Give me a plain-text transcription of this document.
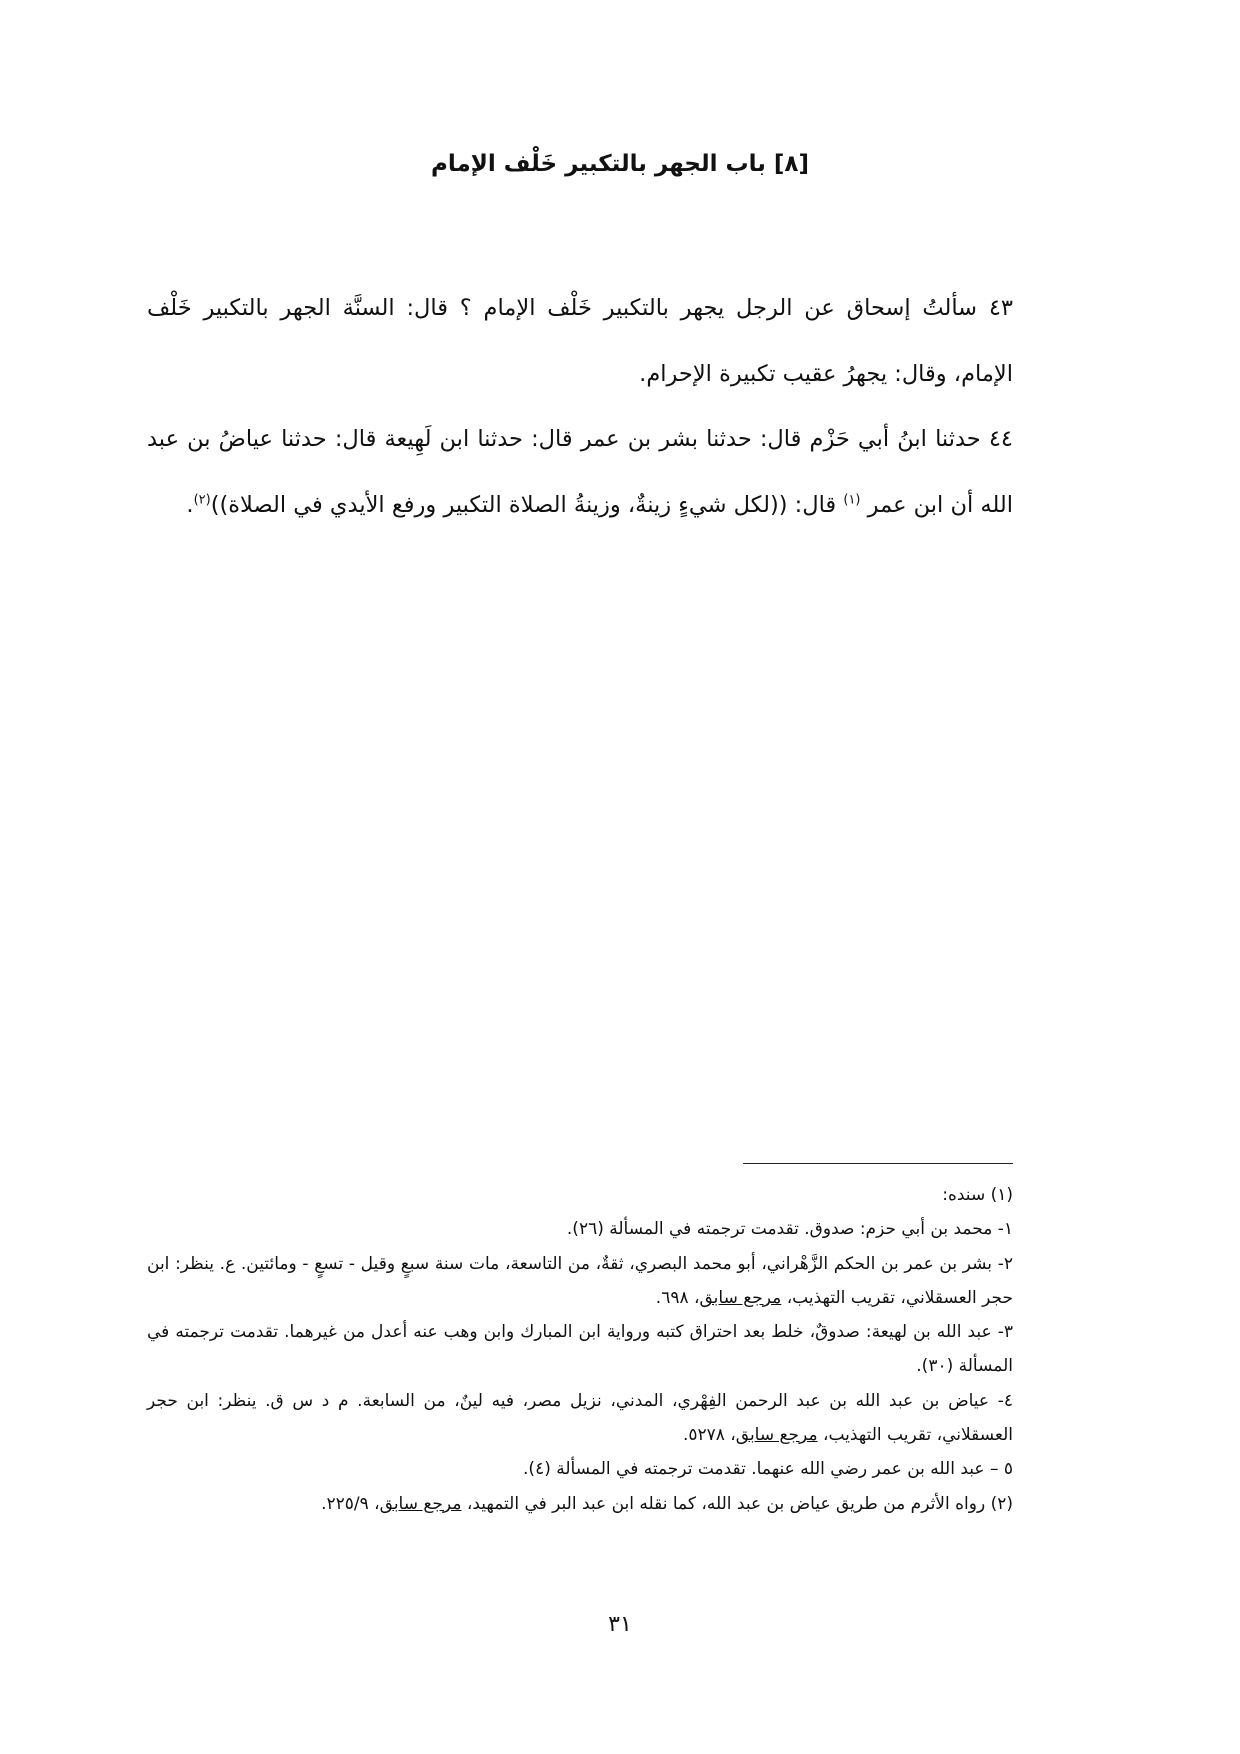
[٨] باب الجهر بالتكبير خَلْف الإمام

٤٣ سألتُ إسحاق عن الرجل يجهر بالتكبير خَلْف الإمام ؟ قال: السنَّة الجهر بالتكبير خَلْف الإمام، وقال: يجهرُ عقيب تكبيرة الإحرام.

٤٤ حدثنا ابنُ أبي حَزْم قال: حدثنا بشر بن عمر قال: حدثنا ابن لَهِيعة قال: حدثنا عياضُ بن عبد الله أن ابن عمر $^{(١)}$ قال: ((لكل شيءٍ زينةٌ، وزينةُ الصلاة التكبير ورفع الأيدي في الصلاة))$^{(٢)}$.

(١) سنده:

١- محمد بن أبي حزم: صدوق. تقدمت ترجمته في المسألة (٢٦).

٢- بشر بن عمر بن الحكم الزَّهْراني، أبو محمد البصري، ثقةٌ، من التاسعة، مات سنة سبعٍ وقيل - تسعٍ - ومائتين. ع. ينظر: ابن حجر العسقلاني، تقريب التهذيب، مرجع سابق، ٦٩٨.

٣- عبد الله بن لهيعة: صدوقٌ، خلط بعد احتراق كتبه ورواية ابن المبارك وابن وهب عنه أعدل من غيرهما. تقدمت ترجمته في المسألة (٣٠).

٤- عياض بن عبد الله بن عبد الرحمن الفِهْري، المدني، نزيل مصر، فيه لينٌ، من السابعة. م د س ق. ينظر: ابن حجر العسقلاني، تقريب التهذيب، مرجع سابق، ٥٢٧٨.

٥ – عبد الله بن عمر رضي الله عنهما. تقدمت ترجمته في المسألة (٤).

(٢) رواه الأثرم من طريق عياض بن عبد الله، كما نقله ابن عبد البر في التمهيد، مرجع سابق، ٢٢٥/٩.

٣١
